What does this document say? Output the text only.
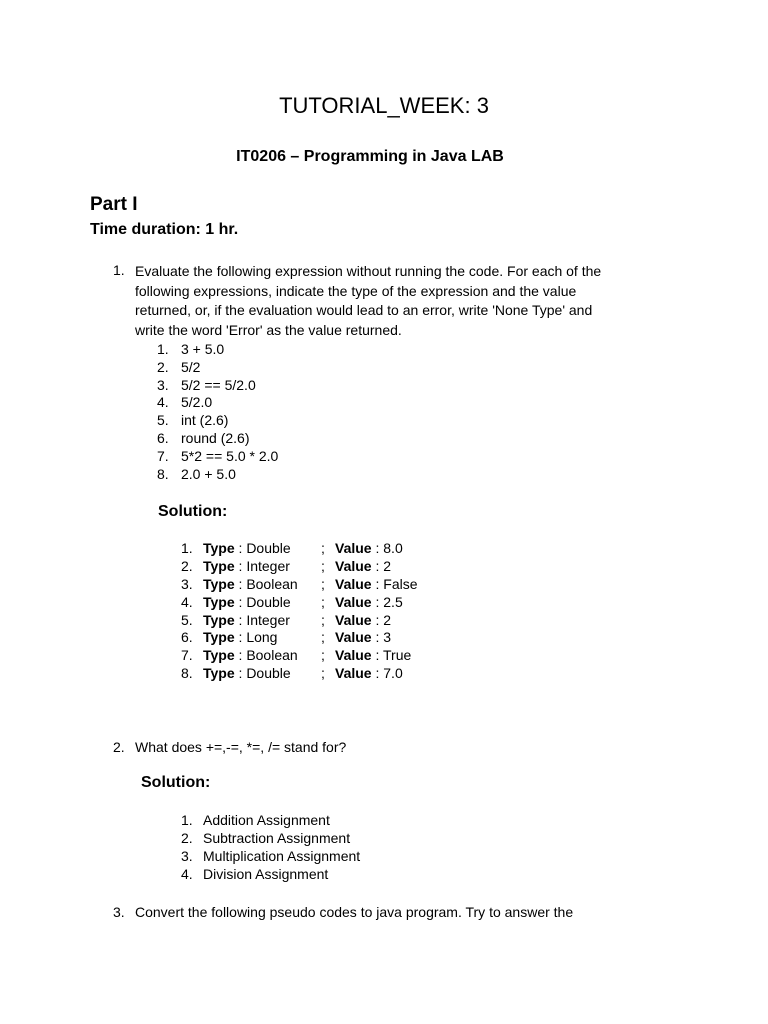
TUTORIAL_WEEK: 3
IT0206 – Programming in Java LAB
Part I
Time duration: 1 hr.
1. Evaluate the following expression without running the code. For each of the
following expressions, indicate the type of the expression and the value
returned, or, if the evaluation would lead to an error, write 'None Type' and
write the word 'Error' as the value returned.
1. 3 + 5.0
2. 5/2
3. 5/2 == 5/2.0
4. 5/2.0
5. int (2.6)
6. round (2.6)
7. 5*2 == 5.0 * 2.0
8. 2.0 + 5.0
Solution:
1. Type : Double	; Value : 8.0
2. Type : Integer	; Value : 2
3. Type : Boolean	; Value : False
4. Type : Double	; Value : 2.5
5. Type : Integer	; Value : 2
6. Type : Long	; Value : 3
7. Type : Boolean	; Value : True
8. Type : Double	; Value : 7.0
2. What does +=,-=, *=, /= stand for?
Solution:
1. Addition Assignment
2. Subtraction Assignment
3. Multiplication Assignment
4. Division Assignment
3. Convert the following pseudo codes to java program. Try to answer the
